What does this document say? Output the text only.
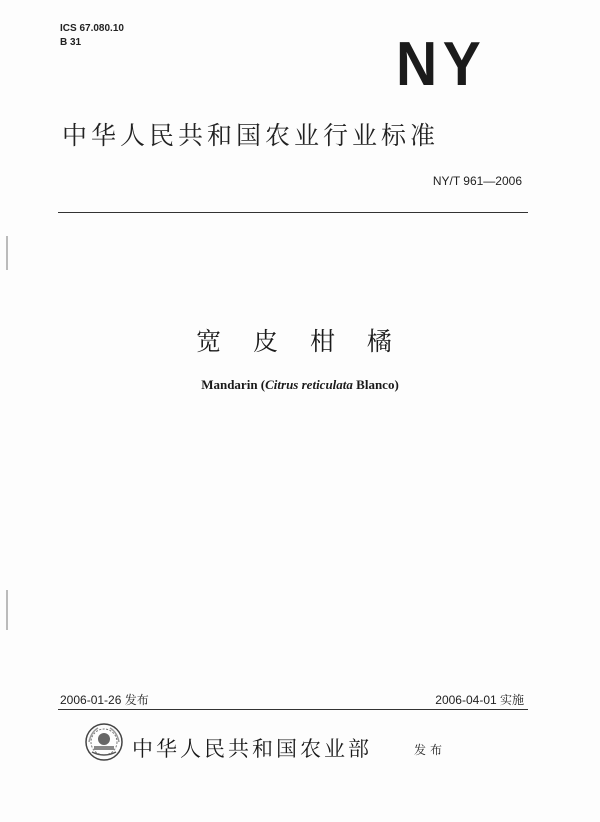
ICS 67.080.10
B 31	NY
中华人民共和国农业行业标准
NY/T 961—2006
宽 皮 柑 橘
Mandarin (Citrus reticulata Blanco)
2006-01-26 发布	2006-04-01 实施
中华人民共和国农业部	发布
